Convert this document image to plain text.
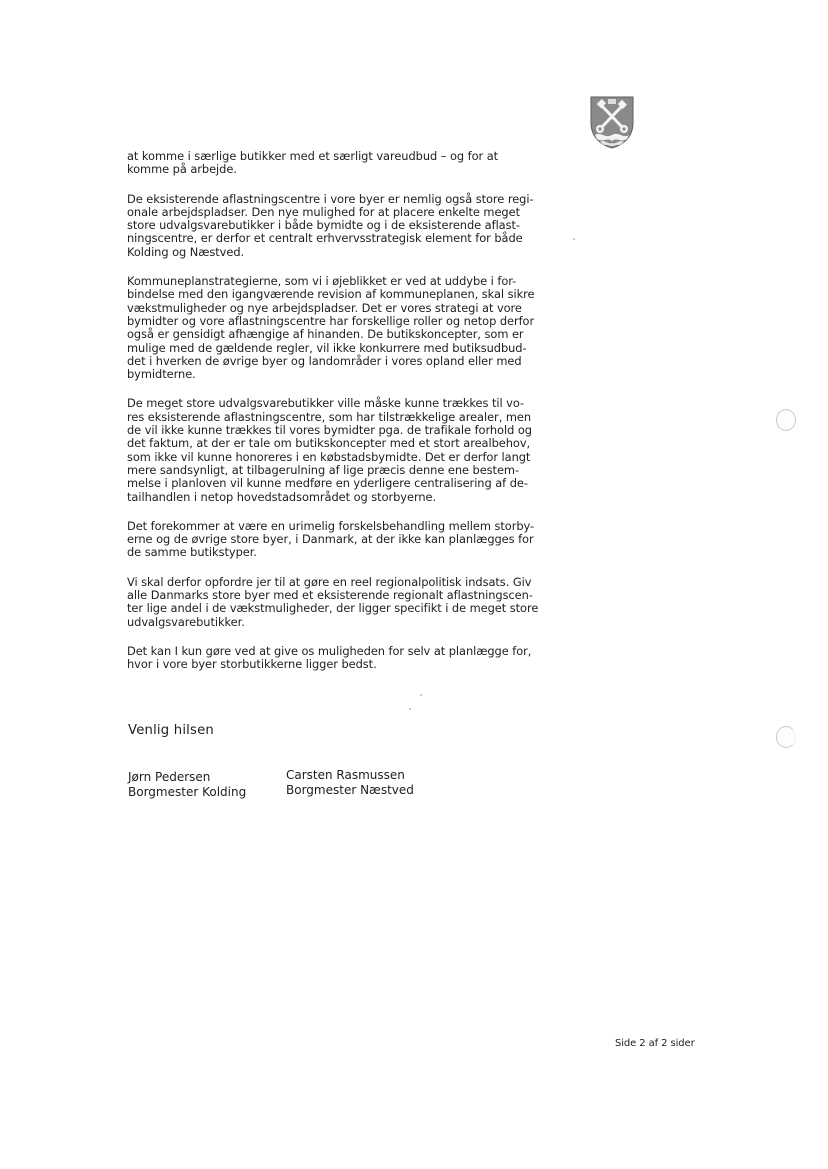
at komme i særlige butikker med et særligt vareudbud – og for at
komme på arbejde.

De eksisterende aflastningscentre i vore byer er nemlig også store regi-
onale arbejdspladser. Den nye mulighed for at placere enkelte meget
store udvalgsvarebutikker i både bymidte og i de eksisterende aflast-
ningscentre, er derfor et centralt erhvervsstrategisk element for både
Kolding og Næstved.

Kommuneplanstrategierne, som vi i øjeblikket er ved at uddybe i for-
bindelse med den igangværende revision af kommuneplanen, skal sikre
vækstmuligheder og nye arbejdspladser. Det er vores strategi at vore
bymidter og vore aflastningscentre har forskellige roller og netop derfor
også er gensidigt afhængige af hinanden. De butikskoncepter, som er
mulige med de gældende regler, vil ikke konkurrere med butiksudbud-
det i hverken de øvrige byer og landområder i vores opland eller med
bymidterne.

De meget store udvalgsvarebutikker ville måske kunne trækkes til vo-
res eksisterende aflastningscentre, som har tilstrækkelige arealer, men
de vil ikke kunne trækkes til vores bymidter pga. de trafikale forhold og
det faktum, at der er tale om butikskoncepter med et stort arealbehov,
som ikke vil kunne honoreres i en købstadsbymidte. Det er derfor langt
mere sandsynligt, at tilbagerulning af lige præcis denne ene bestem-
melse i planloven vil kunne medføre en yderligere centralisering af de-
tailhandlen i netop hovedstadsområdet og storbyerne.

Det forekommer at være en urimelig forskelsbehandling mellem storby-
erne og de øvrige store byer, i Danmark, at der ikke kan planlægges for
de samme butikstyper.

Vi skal derfor opfordre jer til at gøre en reel regionalpolitisk indsats. Giv
alle Danmarks store byer med et eksisterende regionalt aflastningscen-
ter lige andel i de vækstmuligheder, der ligger specifikt i de meget store
udvalgsvarebutikker.

Det kan I kun gøre ved at give os muligheden for selv at planlægge for,
hvor i vore byer storbutikkerne ligger bedst.

Venlig hilsen
Jørn Pedersen
Borgmester Kolding
Carsten Rasmussen
Borgmester Næstved
Side 2 af 2 sider
